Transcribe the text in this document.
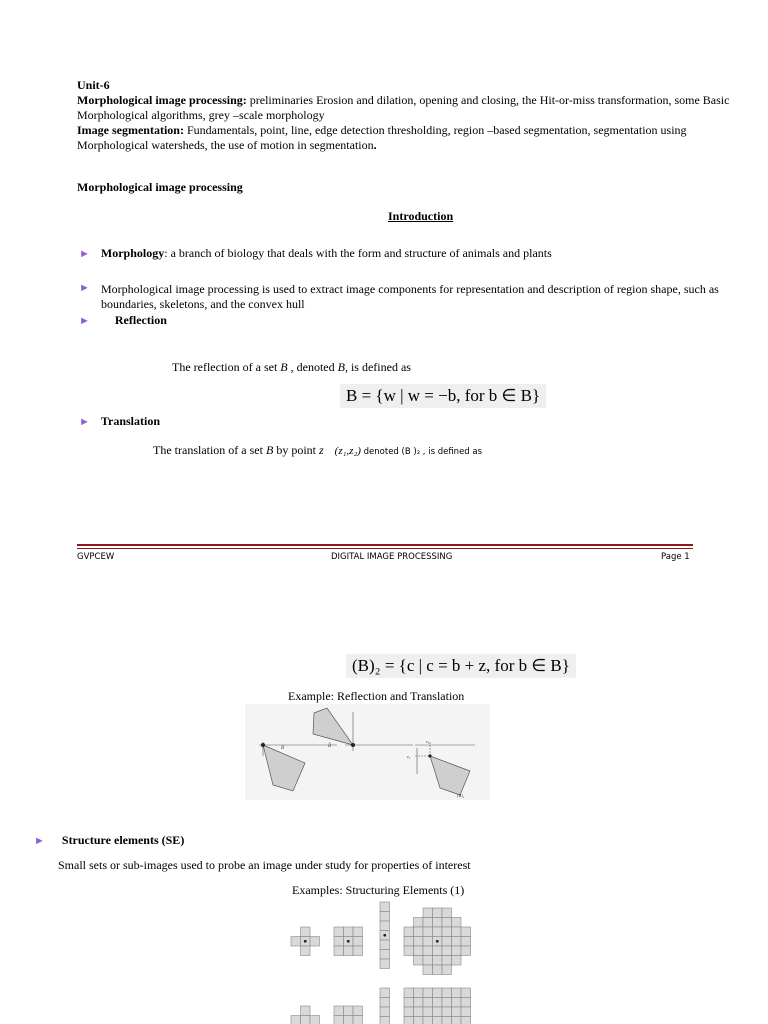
Unit-6
Morphological image processing: preliminaries Erosion and dilation, opening and closing, the Hit-or-miss transformation, some Basic Morphological algorithms, grey –scale morphology
Image segmentation: Fundamentals, point, line, edge detection thresholding, region –based segmentation, segmentation using Morphological watersheds, the use of motion in segmentation.
Morphological image processing
Introduction
► Morphology: a branch of biology that deals with the form and structure of animals and plants
► Morphological image processing is used to extract image components for representation and description of region shape, such as boundaries, skeletons, and the convex hull
► Reflection
The reflection of a set B , denoted B, is defined as
B = {w | w = −b, for b ∈ B}
► Translation
The translation of a set B by point z (z₁,z₂) denoted (B )₂ , is defined as
GVPCEW	DIGITAL IMAGE PROCESSING	Page 1
(B)₂ = {c | c = b + z, for b ∈ B}
Example: Reflection and Translation
B	B̂
z₁
z₂
(B)₂
► Structure elements (SE)
Small sets or sub-images used to probe an image under study for properties of interest
Examples: Structuring Elements (1)
